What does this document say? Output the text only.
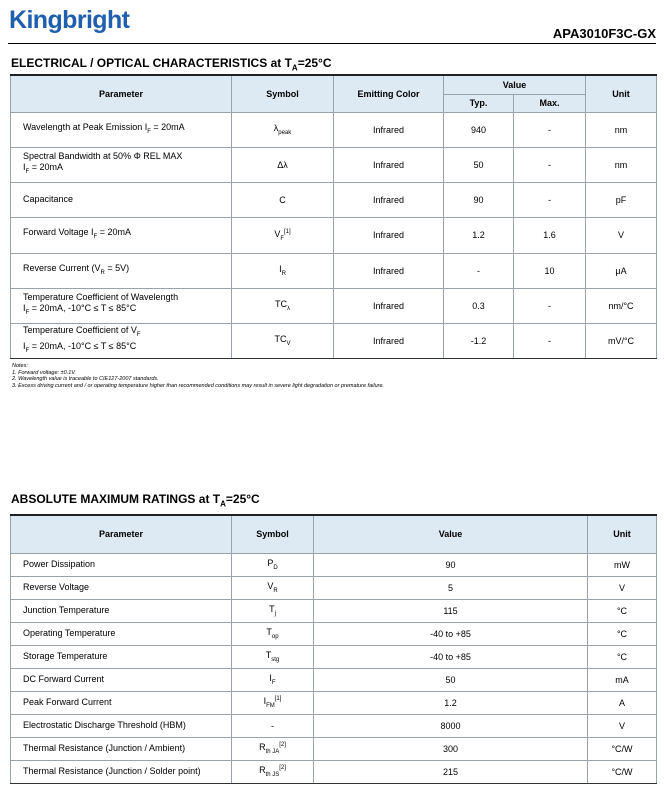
Kingbright	APA3010F3C-GX
ELECTRICAL / OPTICAL CHARACTERISTICS at $T_A=25^\circ C$
Parameter	Symbol	Emitting Color	Value		Unit
			Typ.	Max.	

Wavelength at Peak Emission $I_F = 20mA$	$\lambda_{peak}$	Infrared	940	-	nm

Spectral Bandwidth at 50% Φ REL MAX
$I_F = 20mA$	Δλ	Infrared	50	-	nm

Capacitance	C	Infrared	90	-	pF

Forward Voltage $I_F = 20mA$	$V_F[1]$	Infrared	1.2	1.6	V

Reverse Current $(V_R = 5V)$	$I_R$	Infrared	-	10	μA

Temperature Coefficient of Wavelength
$I_F = 20mA$, -10°C ≤ T ≤ 85°C	$TC_\lambda$	Infrared	0.3	-	nm/°C

Temperature Coefficient of $V_F$
$I_F = 20mA$, -10°C ≤ T ≤ 85°C	$TC_V$	Infrared	-1.2	-	mV/°C
Notes:
1. Forward voltage: ±0.1V.
2. Wavelength value is traceable to CIE127-2007 standards.
3. Excess driving current and / or operating temperature higher than recommended conditions may result in severe light degradation or premature failure.
ABSOLUTE MAXIMUM RATINGS at $T_A=25^\circ C$
Parameter	Symbol	Value	Unit
Power Dissipation	$P_D$	90	mW
Reverse Voltage	$V_R$	5	V
Junction Temperature	$T_j$	115	°C
Operating Temperature	$T_{op}$	-40 to +85	°C
Storage Temperature	$T_{stg}$	-40 to +85	°C
DC Forward Current	$I_F$	50	mA
Peak Forward Current	$I_{FM}[1]$	1.2	A
Electrostatic Discharge Threshold (HBM)	-	8000	V
Thermal Resistance (Junction / Ambient)	$R_{th JA}[2]$	300	°C/W
Thermal Resistance (Junction / Solder point)	$R_{th JS}[2]$	215	°C/W
